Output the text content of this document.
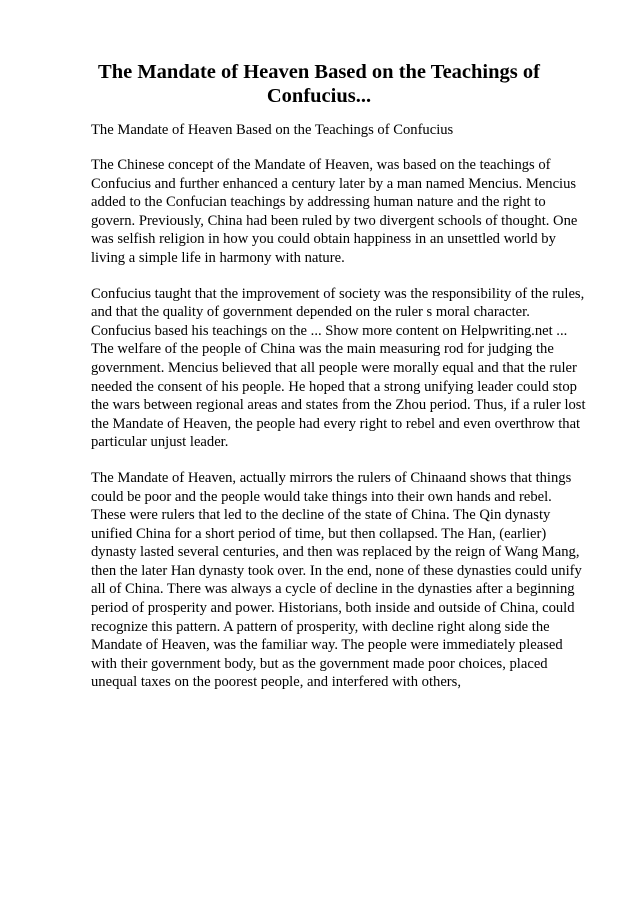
The Mandate of Heaven Based on the Teachings of Confucius...

The Mandate of Heaven Based on the Teachings of Confucius

The Chinese concept of the Mandate of Heaven, was based on the teachings of Confucius and further enhanced a century later by a man named Mencius. Mencius added to the Confucian teachings by addressing human nature and the right to govern. Previously, China had been ruled by two divergent schools of thought. One was selfish religion in how you could obtain happiness in an unsettled world by living a simple life in harmony with nature.

Confucius taught that the improvement of society was the responsibility of the rules, and that the quality of government depended on the ruler s moral character. Confucius based his teachings on the ... Show more content on Helpwriting.net ... The welfare of the people of China was the main measuring rod for judging the government. Mencius believed that all people were morally equal and that the ruler needed the consent of his people. He hoped that a strong unifying leader could stop the wars between regional areas and states from the Zhou period. Thus, if a ruler lost the Mandate of Heaven, the people had every right to rebel and even overthrow that particular unjust leader.

The Mandate of Heaven, actually mirrors the rulers of Chinaand shows that things could be poor and the people would take things into their own hands and rebel. These were rulers that led to the decline of the state of China. The Qin dynasty unified China for a short period of time, but then collapsed. The Han, (earlier) dynasty lasted several centuries, and then was replaced by the reign of Wang Mang, then the later Han dynasty took over. In the end, none of these dynasties could unify all of China. There was always a cycle of decline in the dynasties after a beginning period of prosperity and power. Historians, both inside and outside of China, could recognize this pattern. A pattern of prosperity, with decline right along side the Mandate of Heaven, was the familiar way. The people were immediately pleased with their government body, but as the government made poor choices, placed unequal taxes on the poorest people, and interfered with others,
